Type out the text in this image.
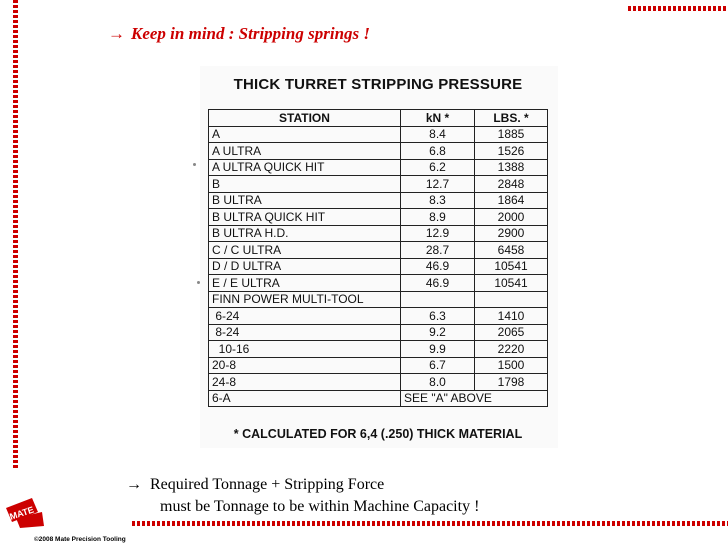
→ Keep in mind : Stripping springs !
THICK TURRET STRIPPING PRESSURE
STATION	kN *	LBS. *
A	8.4	1885
A ULTRA	6.8	1526
A ULTRA QUICK HIT	6.2	1388
B	12.7	2848
B ULTRA	8.3	1864
B ULTRA QUICK HIT	8.9	2000
B ULTRA H.D.	12.9	2900
C / C ULTRA	28.7	6458
D / D ULTRA	46.9	10541
E / E ULTRA	46.9	10541
FINN POWER MULTI-TOOL		
6-24	6.3	1410
8-24	9.2	2065
10-16	9.9	2220
20-8	6.7	1500
24-8	8.0	1798
6-A	SEE "A" ABOVE	
* CALCULATED FOR 6,4 (.250) THICK MATERIAL
→ Required Tonnage + Stripping Force
must be Tonnage to be within Machine Capacity !
MATE
©2008 Mate Precision Tooling
